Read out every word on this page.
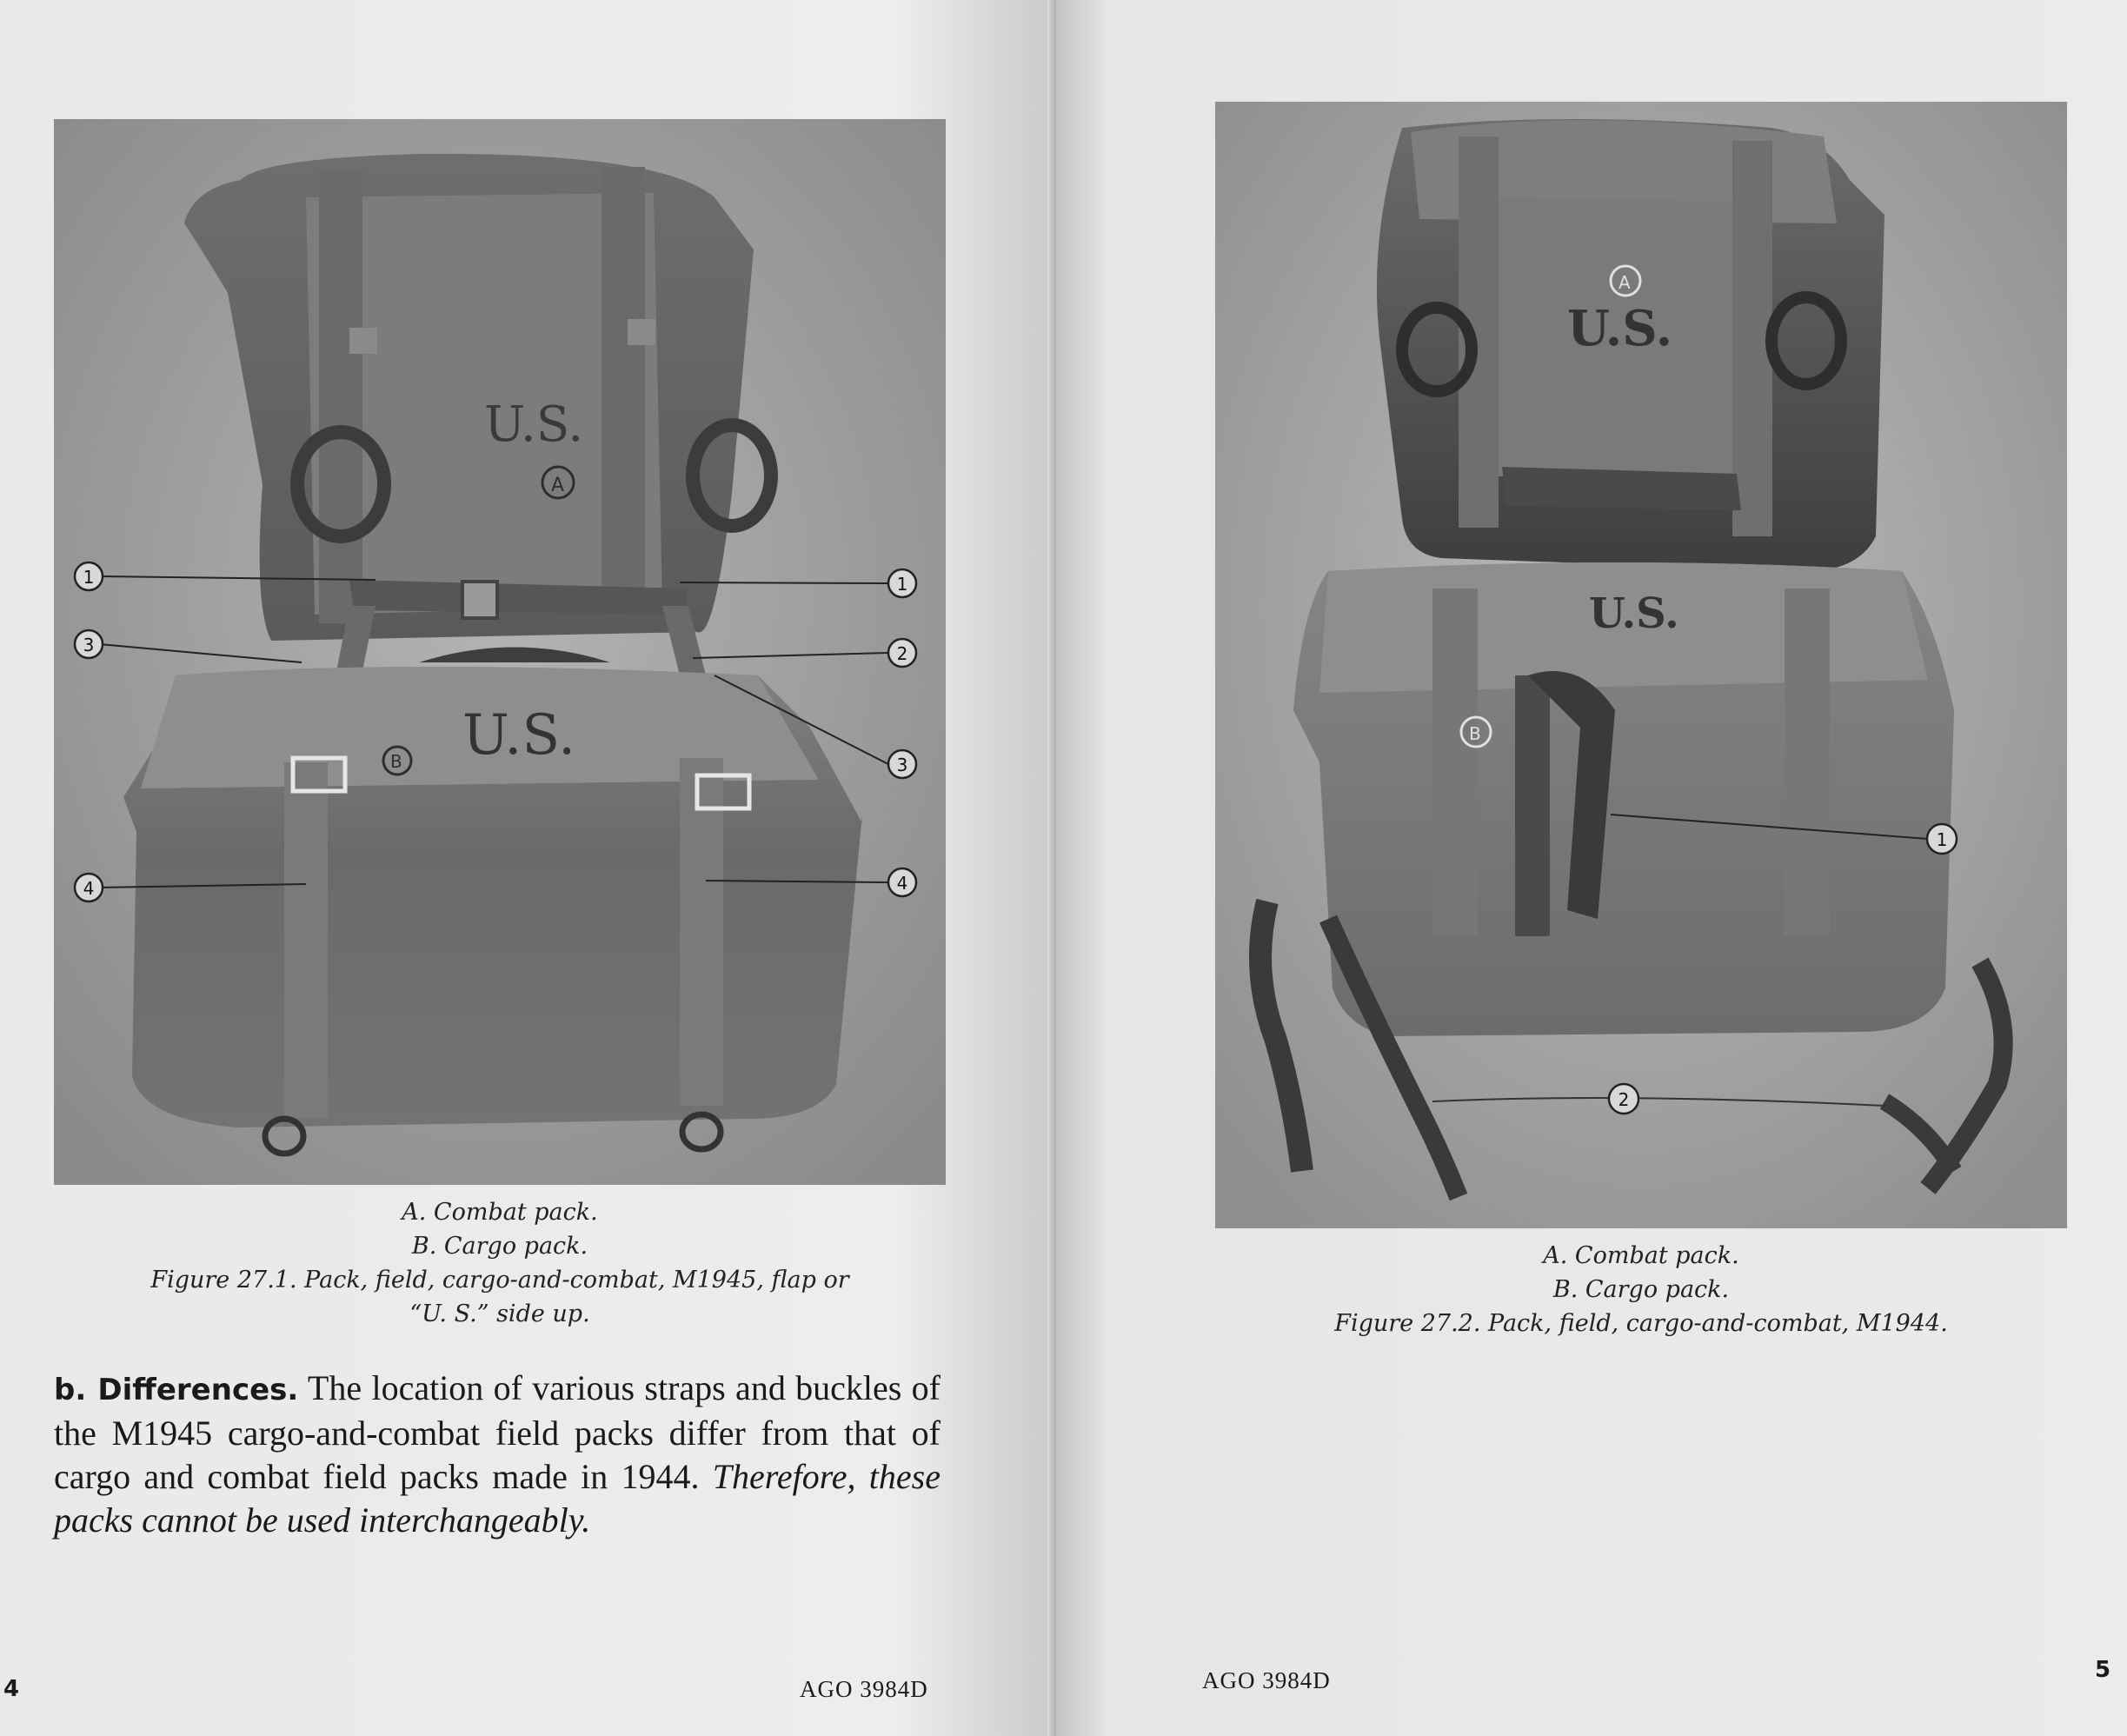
U.S.
A
U.S.
B
1	1
3	2
3
4	4
A. Combat pack.
B. Cargo pack.
Figure 27.1. Pack, field, cargo-and-combat, M1945, flap or
“U. S.” side up.
b. Differences. The location of various straps and buckles of the M1945 cargo-and-combat field packs differ from that of cargo and combat field packs made in 1944. Therefore, these packs cannot be used interchangeably.
4	AGO 3984D
U.S.
A
U.S.
B
1
2
A. Combat pack.
B. Cargo pack.
Figure 27.2. Pack, field, cargo-and-combat, M1944.
AGO 3984D	5
